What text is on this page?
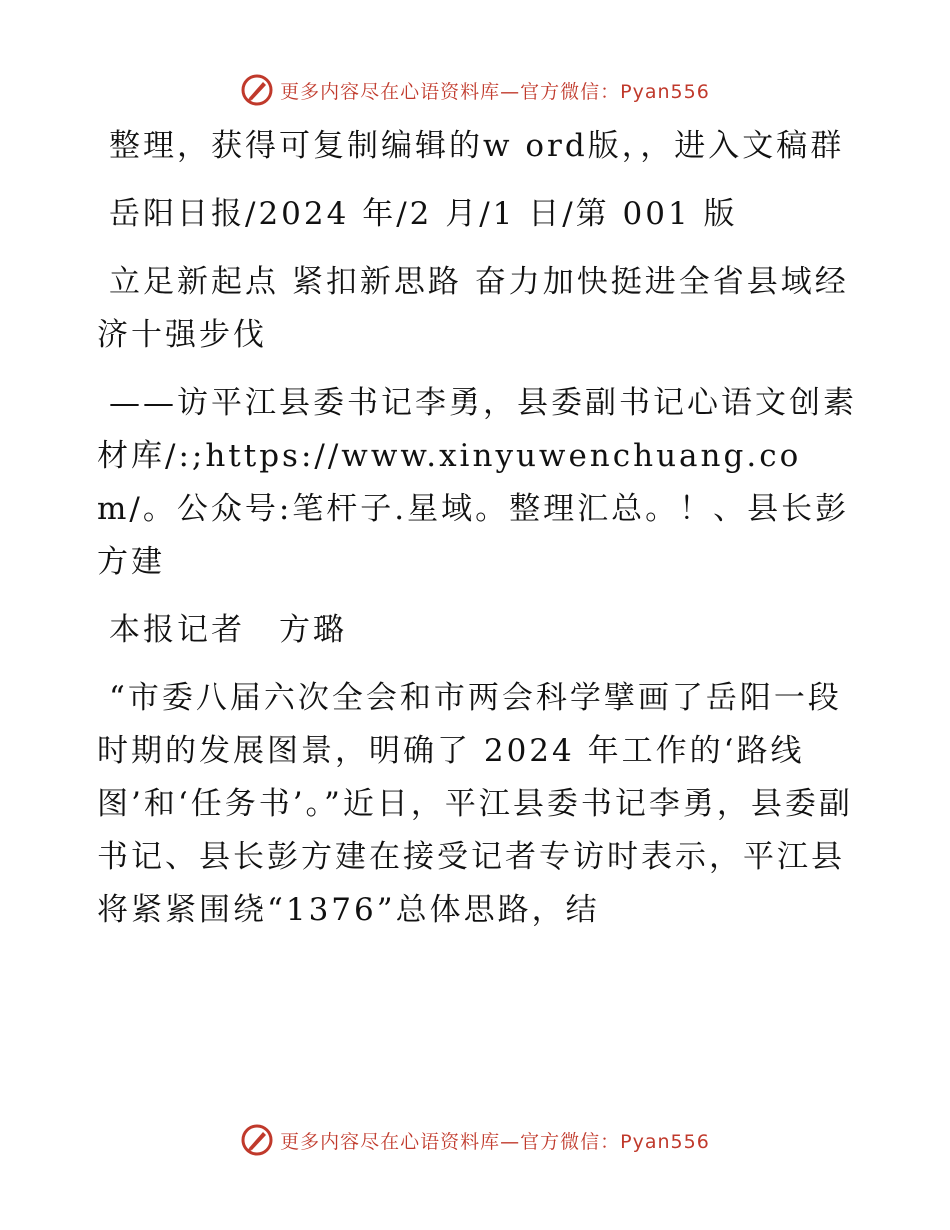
更多内容尽在心语资料库—官方微信：Pyan556

整理，获得可复制编辑的w ord版，，进入文稿群

岳阳日报/2024 年/2 月/1 日/第 001 版

立足新起点 紧扣新思路 奋力加快挺进全省县域经济十强步伐

——访平江县委书记李勇，县委副书记心语文创素材库/:;https://www.xinyuwenchuang.com/。公众号:笔杆子.星域。整理汇总。！、县长彭方建

本报记者　方璐

“市委八届六次全会和市两会科学擘画了岳阳一段时期的发展图景，明确了 2024 年工作的‘路线图’和‘任务书’。”近日，平江县委书记李勇，县委副书记、县长彭方建在接受记者专访时表示，平江县将紧紧围绕“1376”总体思路，结

更多内容尽在心语资料库—官方微信：Pyan556
